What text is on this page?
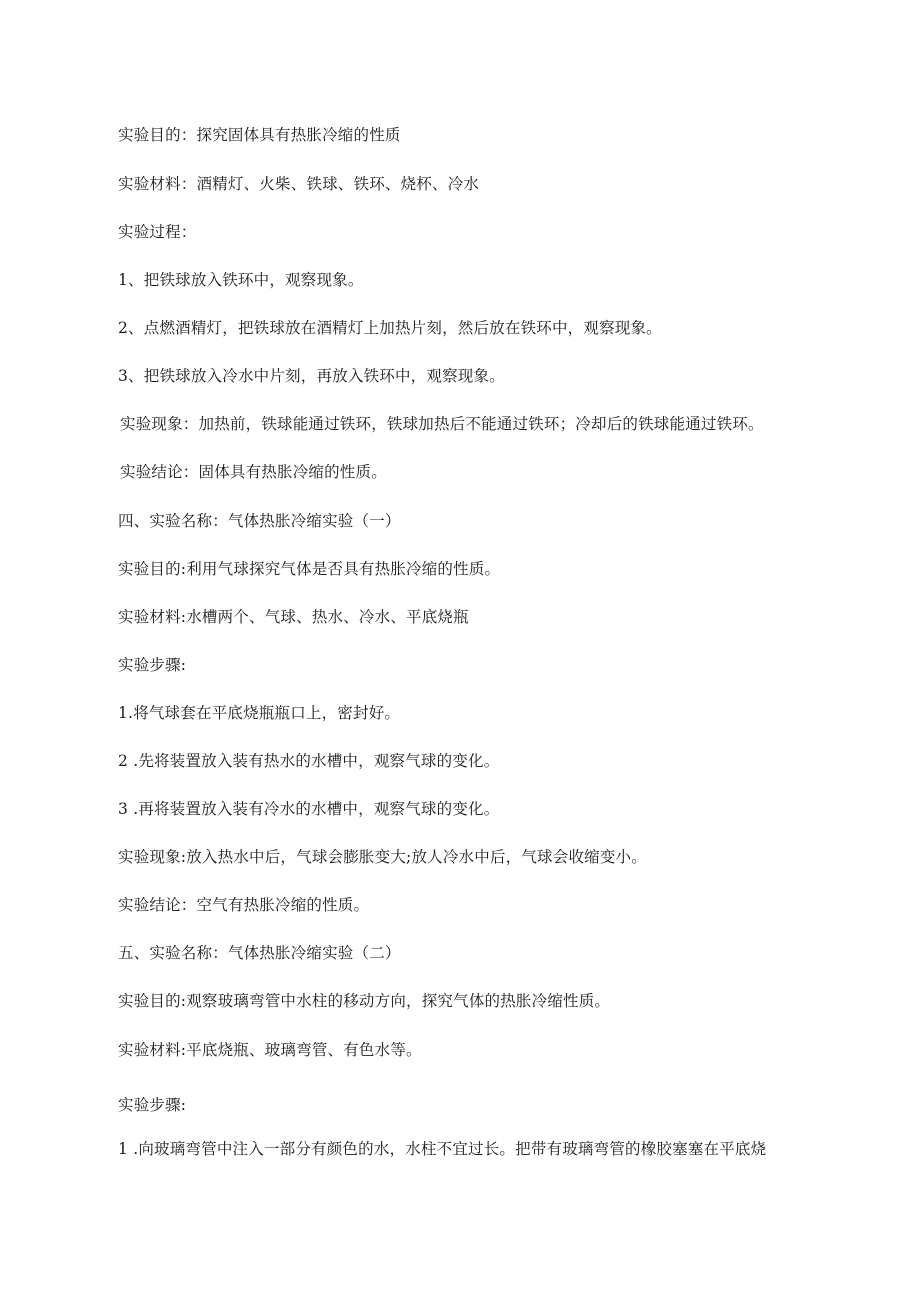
实验目的：探究固体具有热胀冷缩的性质
实验材料：酒精灯、火柴、铁球、铁环、烧杯、冷水
实验过程：
1、把铁球放入铁环中，观察现象。
2、点燃酒精灯，把铁球放在酒精灯上加热片刻，然后放在铁环中，观察现象。
3、把铁球放入冷水中片刻，再放入铁环中，观察现象。
实验现象：加热前，铁球能通过铁环，铁球加热后不能通过铁环；冷却后的铁球能通过铁环。
实验结论：固体具有热胀冷缩的性质。
四、实验名称：气体热胀冷缩实验（一）
实验目的:利用气球探究气体是否具有热胀冷缩的性质。
实验材料:水槽两个、气球、热水、冷水、平底烧瓶
实验步骤:
1.将气球套在平底烧瓶瓶口上，密封好。
2 .先将装置放入装有热水的水槽中，观察气球的变化。
3 .再将装置放入装有冷水的水槽中，观察气球的变化。
实验现象:放入热水中后，气球会膨胀变大;放人冷水中后，气球会收缩变小。
实验结论：空气有热胀冷缩的性质。
五、实验名称：气体热胀冷缩实验（二）
实验目的:观察玻璃弯管中水柱的移动方向，探究气体的热胀冷缩性质。
实验材料:平底烧瓶、玻璃弯管、有色水等。
实验步骤:
1 .向玻璃弯管中注入一部分有颜色的水，水柱不宜过长。把带有玻璃弯管的橡胶塞塞在平底烧
